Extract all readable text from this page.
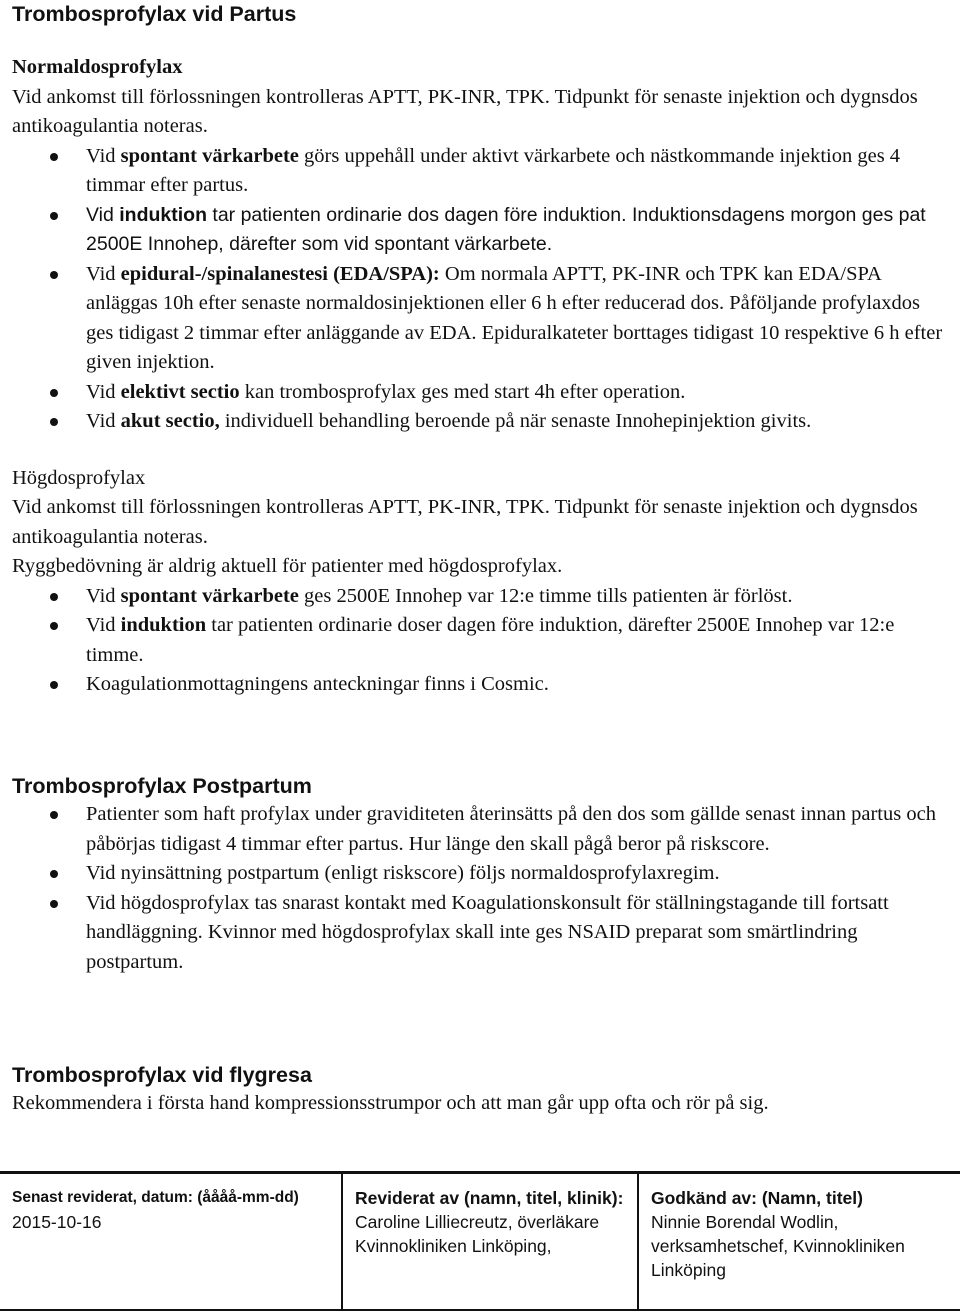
Trombosprofylax vid Partus
Normaldosprofylax

Vid ankomst till förlossningen kontrolleras APTT, PK-INR, TPK. Tidpunkt för senaste injektion och dygnsdos antikoagulantia noteras.

Vid spontant värkarbete görs uppehåll under aktivt värkarbete och nästkommande injektion ges 4 timmar efter partus.
Vid induktion tar patienten ordinarie dos dagen före induktion. Induktionsdagens morgon ges pat 2500E Innohep, därefter som vid spontant värkarbete.
Vid epidural-/spinalanestesi (EDA/SPA): Om normala APTT, PK-INR och TPK kan EDA/SPA anläggas 10h efter senaste normaldosinjektionen eller 6 h efter reducerad dos. Påföljande profylaxdos ges tidigast 2 timmar efter anläggande av EDA. Epiduralkateter borttages tidigast 10 respektive 6 h efter given injektion.
Vid elektivt sectio kan trombosprofylax ges med start 4h efter operation.
Vid akut sectio, individuell behandling beroende på när senaste Innohepinjektion givits.
Högdosprofylax

Vid ankomst till förlossningen kontrolleras APTT, PK-INR, TPK. Tidpunkt för senaste injektion och dygnsdos antikoagulantia noteras.

Ryggbedövning är aldrig aktuell för patienter med högdosprofylax.

Vid spontant värkarbete ges 2500E Innohep var 12:e timme tills patienten är förlöst.
Vid induktion tar patienten ordinarie doser dagen före induktion, därefter 2500E Innohep var 12:e timme.
Koagulationmottagningens anteckningar finns i Cosmic.
Trombosprofylax Postpartum
Patienter som haft profylax under graviditeten återinsätts på den dos som gällde senast innan partus och påbörjas tidigast 4 timmar efter partus. Hur länge den skall pågå beror på riskscore.
Vid nyinsättning postpartum (enligt riskscore) följs normaldosprofylaxregim.
Vid högdosprofylax tas snarast kontakt med Koagulationskonsult för ställningstagande till fortsatt handläggning. Kvinnor med högdosprofylax skall inte ges NSAID preparat som smärtlindring postpartum.
Trombosprofylax vid flygresa

Rekommendera i första hand kompressionsstrumpor och att man går upp ofta och rör på sig.

Senast reviderat, datum: (åååå-mm-dd)
2015-10-16
Reviderat av (namn, titel, klinik):
Caroline Lilliecreutz, överläkare Kvinnokliniken Linköping,
Godkänd av: (Namn, titel)
Ninnie Borendal Wodlin, verksamhetschef, Kvinnokliniken Linköping
